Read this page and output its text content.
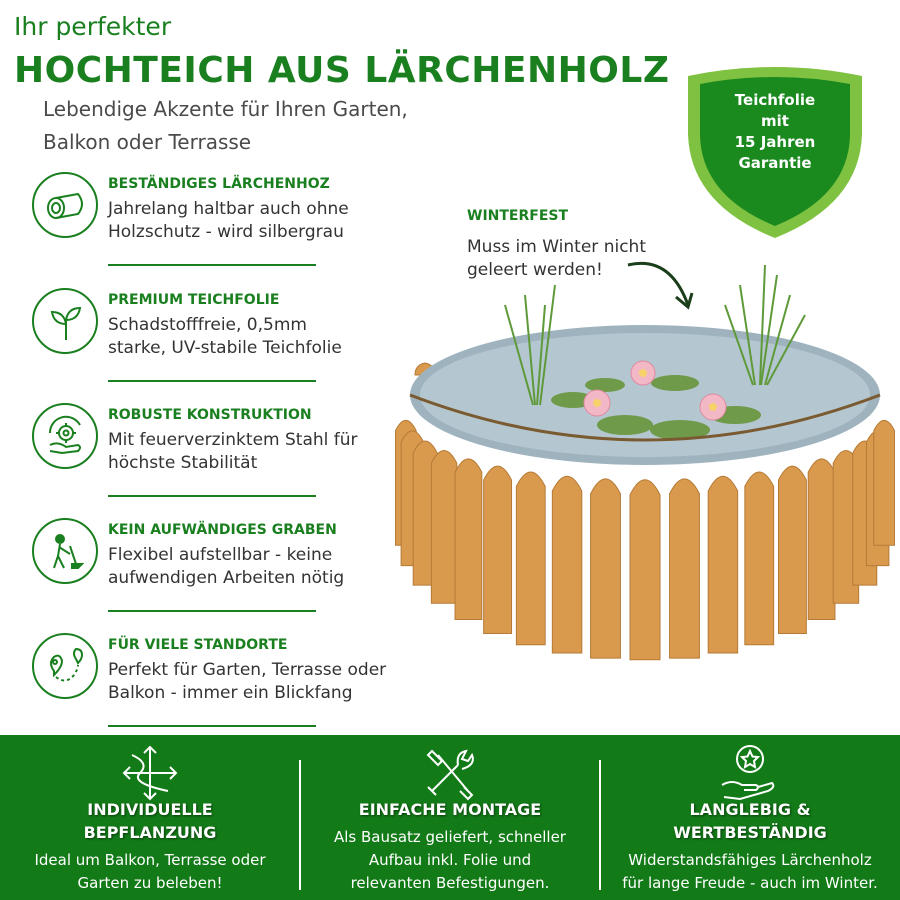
Ihr perfekter
HOCHTEICH AUS LÄRCHENHOLZ
Lebendige Akzente für Ihren Garten,
Balkon oder Terrasse
Teichfolie
mit
15 Jahren
Garantie
BESTÄNDIGES LÄRCHENHOZ
Jahrelang haltbar auch ohne
Holzschutz - wird silbergrau
PREMIUM TEICHFOLIE
Schadstofffreie, 0,5mm
starke, UV-stabile Teichfolie
ROBUSTE KONSTRUKTION
Mit feuerverzinktem Stahl für
höchste Stabilität
KEIN AUFWÄNDIGES GRABEN
Flexibel aufstellbar - keine
aufwendigen Arbeiten nötig
FÜR VIELE STANDORTE
Perfekt für Garten, Terrasse oder
Balkon - immer ein Blickfang
WINTERFEST
Muss im Winter nicht
geleert werden!
INDIVIDUELLE
BEPFLANZUNG
Ideal um Balkon, Terrasse oder
Garten zu beleben!
EINFACHE MONTAGE
Als Bausatz geliefert, schneller
Aufbau inkl. Folie und
relevanten Befestigungen.
LANGLEBIG &
WERTBESTÄNDIG
Widerstandsfähiges Lärchenholz
für lange Freude - auch im Winter.
